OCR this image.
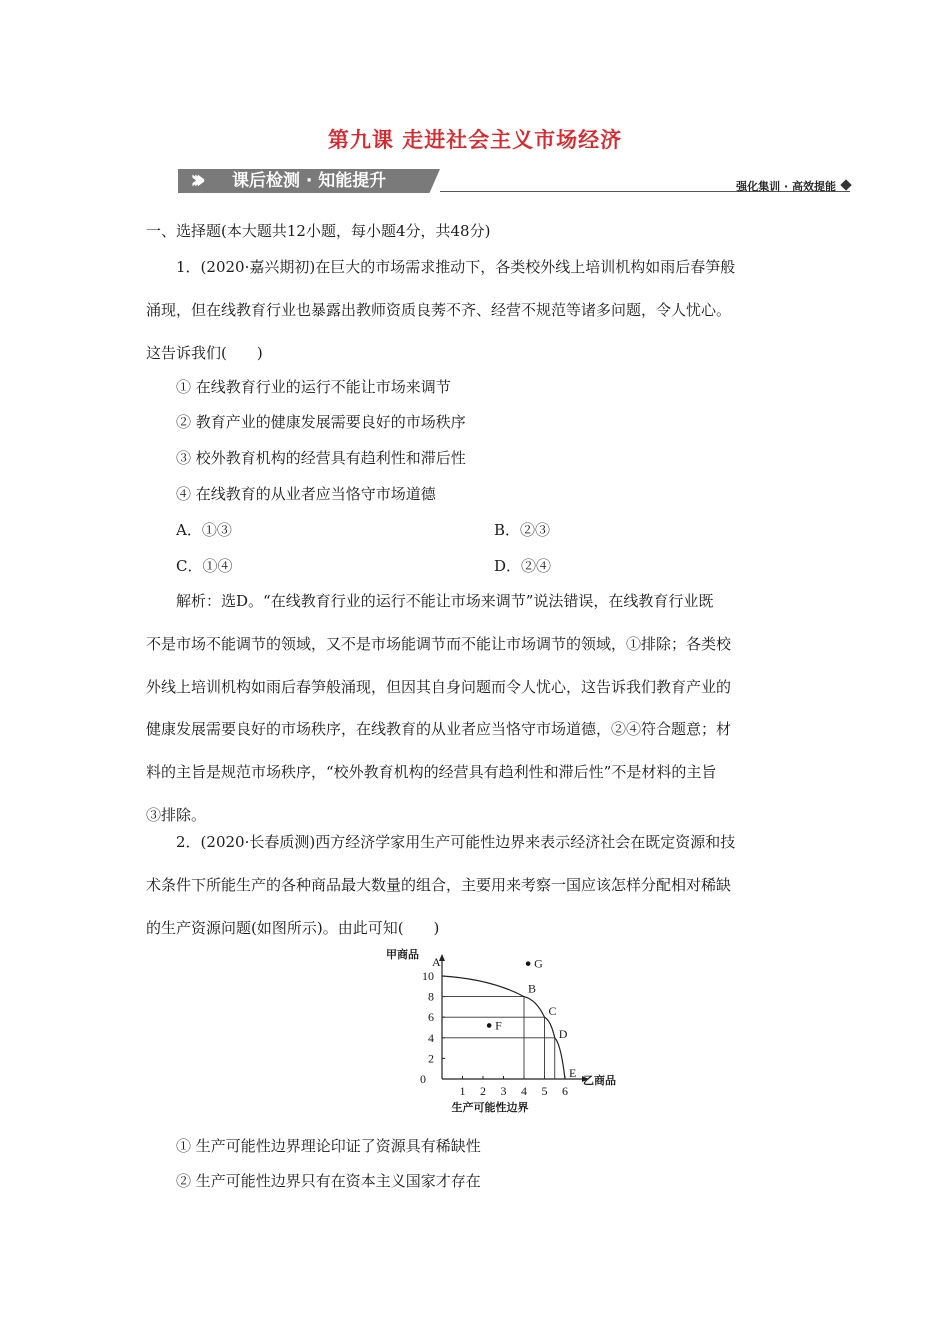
第九课 走进社会主义市场经济
››› 课后检测 · 知能提升	强化集训 · 高效提能
一、选择题(本大题共12小题，每小题4分，共48分)
1．(2020·嘉兴期初)在巨大的市场需求推动下，各类校外线上培训机构如雨后春笋般
涌现，但在线教育行业也暴露出教师资质良莠不齐、经营不规范等诸多问题，令人忧心。
这告诉我们(　　)
① 在线教育行业的运行不能让市场来调节
② 教育产业的健康发展需要良好的市场秩序
③ 校外教育机构的经营具有趋利性和滞后性
④ 在线教育的从业者应当恪守市场道德
A．①③	B．②③
C．①④	D．②④
解析：选D。“在线教育行业的运行不能让市场来调节”说法错误，在线教育行业既
不是市场不能调节的领域，又不是市场能调节而不能让市场调节的领域，①排除；各类校
外线上培训机构如雨后春笋般涌现，但因其自身问题而令人忧心，这告诉我们教育产业的
健康发展需要良好的市场秩序，在线教育的从业者应当恪守市场道德，②④符合题意；材
料的主旨是规范市场秩序，“校外教育机构的经营具有趋利性和滞后性”不是材料的主旨
③排除。
2．(2020·长春质测)西方经济学家用生产可能性边界来表示经济社会在既定资源和技
术条件下所能生产的各种商品最大数量的组合，主要用来考察一国应该怎样分配相对稀缺
的生产资源问题(如图所示)。由此可知(　　)
1 2 3 4 5 6
2
4
6
8
10
0
甲商品
乙商品
生产可能性边界
A
B
C
D
E
G
F
① 生产可能性边界理论印证了资源具有稀缺性
② 生产可能性边界只有在资本主义国家才存在
